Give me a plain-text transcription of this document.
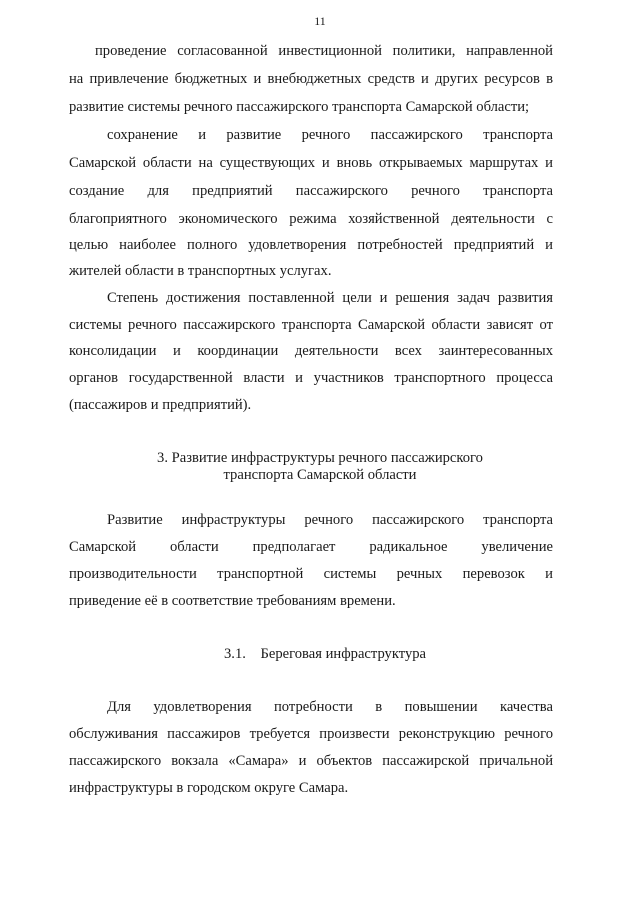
11
проведение согласованной инвестиционной политики, направленной
на привлечение бюджетных и внебюджетных средств и других ресурсов в
развитие системы речного пассажирского транспорта Самарской области;
сохранение и развитие речного пассажирского транспорта
Самарской области на существующих и вновь открываемых маршрутах и
создание для предприятий пассажирского речного транспорта
благоприятного экономического режима хозяйственной деятельности с
целью наиболее полного удовлетворения потребностей предприятий и
жителей области в транспортных услугах.
Степень достижения поставленной цели и решения задач развития
системы речного пассажирского транспорта Самарской области зависят от
консолидации и координации деятельности всех заинтересованных
органов государственной власти и участников транспортного процесса
(пассажиров и предприятий).
3. Развитие инфраструктуры речного пассажирского
транспорта Самарской области
Развитие инфраструктуры речного пассажирского транспорта
Самарской области предполагает радикальное увеличение
производительности транспортной системы речных перевозок и
приведение её в соответствие требованиям времени.
3.1.    Береговая инфраструктура
Для удовлетворения потребности в повышении качества
обслуживания пассажиров требуется произвести реконструкцию речного
пассажирского вокзала «Самара» и объектов пассажирской причальной
инфраструктуры в городском округе Самара.
